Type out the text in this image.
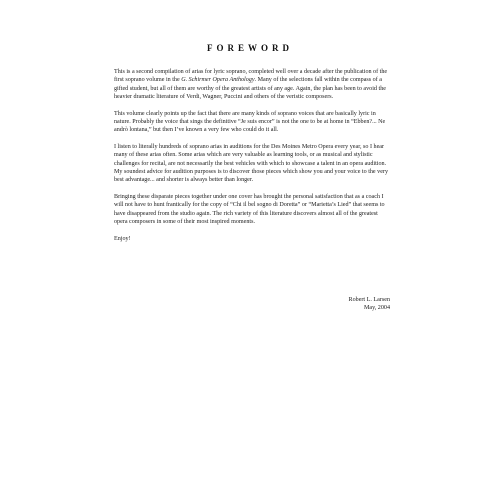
FOREWORD

This is a second compilation of arias for lyric soprano, completed well over a decade after the publication of the first soprano volume in the G. Schirmer Opera Anthology. Many of the selections fall within the compass of a gifted student, but all of them are worthy of the greatest artists of any age. Again, the plan has been to avoid the heavier dramatic literature of Verdi, Wagner, Puccini and others of the veristic composers.

This volume clearly points up the fact that there are many kinds of soprano voices that are basically lyric in nature. Probably the voice that sings the definitive “Je suis encor” is not the one to be at home in “Ebben?... Ne andrò lontana,” but then I’ve known a very few who could do it all.

I listen to literally hundreds of soprano arias in auditions for the Des Moines Metro Opera every year, so I hear many of these arias often. Some arias which are very valuable as learning tools, or as musical and stylistic challenges for recital, are not necessarily the best vehicles with which to showcase a talent in an opera audition. My soundest advice for audition purposes is to discover those pieces which show you and your voice to the very best advantage... and shorter is always better than longer.

Bringing these disparate pieces together under one cover has brought the personal satisfaction that as a coach I will not have to hunt frantically for the copy of “Chi il bel sogno di Doretta” or “Marietta’s Lied” that seems to have disappeared from the studio again. The rich variety of this literature discovers almost all of the greatest opera composers in some of their most inspired moments.

Enjoy!

Robert L. Larsen
May, 2004
